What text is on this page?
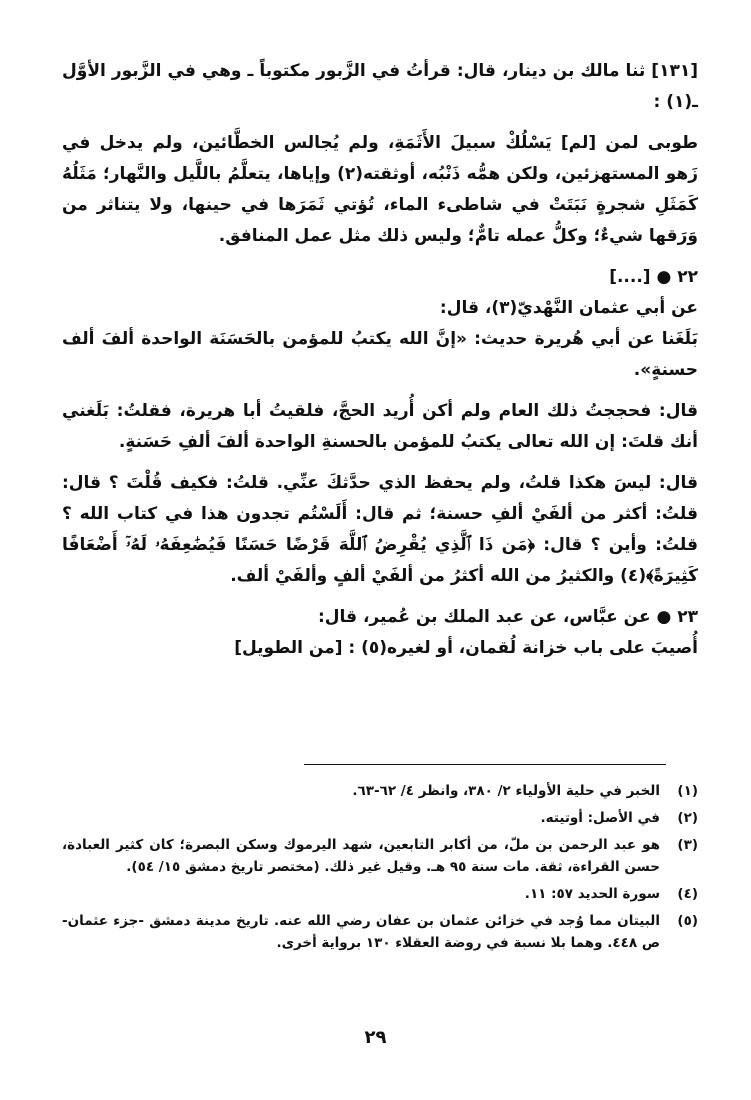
[١٣١] ثنا مالك بن دينار، قال: قرأتُ في الزَّبور مكتوباً ـ وهي في الزَّبور الأوَّل ـ(١) :

طوبى لمن [لم] يَسْلُكْ سبيلَ الأَثَمَةِ، ولم يُجالس الخطَّائين، ولم يدخل في زَهو المستهزئين، ولكن همُّه ذَنْبُه، أوثقته(٢) وإياها، يتعلَّمُ باللَّيل والنَّهار؛ مَثَلُهُ كَمَثَلِ شجرةٍ نَبَتَتْ في شاطىء الماء، تُؤتي ثَمَرَها في حينها، ولا يتناثر من وَرَقها شيءٌ؛ وكلُّ عمله تامٌّ؛ وليس ذلك مثل عمل المنافق.

٢٢ ● [....]

عن أبي عثمان النَّهْديّ(٣)، قال:

بَلَغَنا عن أبي هُريرة حديث: «إنَّ الله يكتبُ للمؤمن بالحَسَنَة الواحدة ألفَ ألف حسنةٍ».

قال: فحججتُ ذلك العام ولم أكن أُريد الحجَّ، فلقيتُ أبا هريرة، فقلتُ: بَلَغني أنك قلتَ: إن الله تعالى يكتبُ للمؤمن بالحسنةِ الواحدة ألفَ ألفِ حَسَنةٍ.

قال: ليسَ هكذا قلتُ، ولم يحفظ الذي حدَّثكَ عنِّي. قلتُ: فكيف قُلْتَ ؟ قال: قلتُ: أكثر من ألفَيْ ألفِ حسنة؛ ثم قال: أَلَسْتُم تجدون هذا في كتاب الله ؟ قلتُ: وأين ؟ قال: ﴿مَن ذَا ٱلَّذِي يُقْرِضُ ٱللَّهَ قَرْضًا حَسَنًا فَيُضَٰعِفَهُۥ لَهُۥٓ أَضْعَافًا كَثِيرَةً﴾(٤) والكثيرُ من الله أكثرُ من ألفَيْ ألفٍ وألفَيْ ألف.

٢٣ ● عن عبَّاس، عن عبد الملك بن عُمير، قال:

أُصيبَ على باب خزانة لُقمان، أو لغيره(٥) : [من الطويل]

(١)
الخبر في حلية الأولياء ٢/ ٣٨٠، وانظر ٤/ ٦٢-٦٣.
(٢)
في الأصل: أوتيته.
(٣)
هو عبد الرحمن بن ملّ، من أكابر التابعين، شهد اليرموك وسكن البصرة؛ كان كثير العبادة، حسن القراءة، ثقة. مات سنة ٩٥ هـ. وقيل غير ذلك. (مختصر تاريخ دمشق ١٥/ ٥٤).
(٤)
سورة الحديد ٥٧: ١١.
(٥)
البيتان مما وُجد في خزائن عثمان بن عفان رضي الله عنه. تاريخ مدينة دمشق -جزء عثمان- ص ٤٤٨. وهما بلا نسبة في روضة العقلاء ١٣٠ برواية أخرى.
٢٩
